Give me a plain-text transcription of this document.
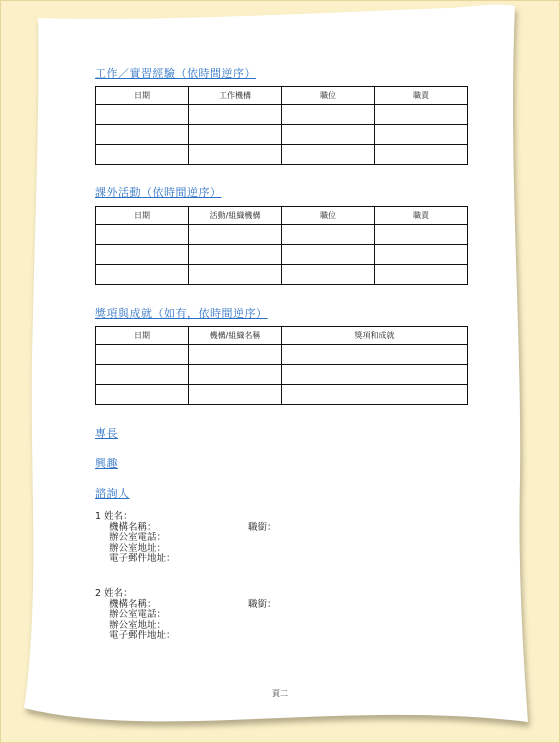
工作／實習經驗（依時間逆序）
日期	工作機構	職位	職責

課外活動（依時間逆序）
日期	活動/組織機構	職位	職責

獎項與成就（如有，依時間逆序）
日期	機構/組織名稱	獎項和成就

專長
興趣
諮詢人
1 姓名：
機構名稱：	職銜：
辦公室電話：
辦公室地址：
電子郵件地址：
2 姓名：
機構名稱：	職銜：
辦公室電話：
辦公室地址：
電子郵件地址：
頁二
